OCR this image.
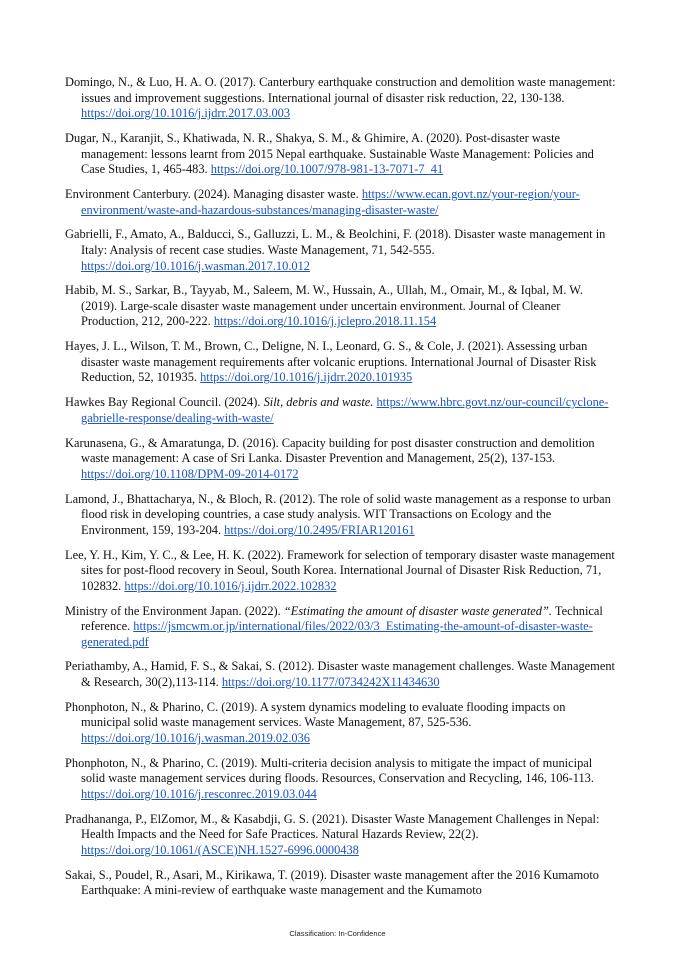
Domingo, N., & Luo, H. A. O. (2017). Canterbury earthquake construction and demolition waste management: issues and improvement suggestions. International journal of disaster risk reduction, 22, 130-138. https://doi.org/10.1016/j.ijdrr.2017.03.003

Dugar, N., Karanjit, S., Khatiwada, N. R., Shakya, S. M., & Ghimire, A. (2020). Post-disaster waste management: lessons learnt from 2015 Nepal earthquake. Sustainable Waste Management: Policies and Case Studies, 1, 465-483. https://doi.org/10.1007/978-981-13-7071-7_41

Environment Canterbury. (2024). Managing disaster waste. https://www.ecan.govt.nz/your-region/your-environment/waste-and-hazardous-substances/managing-disaster-waste/

Gabrielli, F., Amato, A., Balducci, S., Galluzzi, L. M., & Beolchini, F. (2018). Disaster waste management in Italy: Analysis of recent case studies. Waste Management, 71, 542-555. https://doi.org/10.1016/j.wasman.2017.10.012

Habib, M. S., Sarkar, B., Tayyab, M., Saleem, M. W., Hussain, A., Ullah, M., Omair, M., & Iqbal, M. W. (2019). Large-scale disaster waste management under uncertain environment. Journal of Cleaner Production, 212, 200-222. https://doi.org/10.1016/j.jclepro.2018.11.154

Hayes, J. L., Wilson, T. M., Brown, C., Deligne, N. I., Leonard, G. S., & Cole, J. (2021). Assessing urban disaster waste management requirements after volcanic eruptions. International Journal of Disaster Risk Reduction, 52, 101935. https://doi.org/10.1016/j.ijdrr.2020.101935

Hawkes Bay Regional Council. (2024). Silt, debris and waste. https://www.hbrc.govt.nz/our-council/cyclone-gabrielle-response/dealing-with-waste/

Karunasena, G., & Amaratunga, D. (2016). Capacity building for post disaster construction and demolition waste management: A case of Sri Lanka. Disaster Prevention and Management, 25(2), 137-153. https://doi.org/10.1108/DPM-09-2014-0172

Lamond, J., Bhattacharya, N., & Bloch, R. (2012). The role of solid waste management as a response to urban flood risk in developing countries, a case study analysis. WIT Transactions on Ecology and the Environment, 159, 193-204. https://doi.org/10.2495/FRIAR120161

Lee, Y. H., Kim, Y. C., & Lee, H. K. (2022). Framework for selection of temporary disaster waste management sites for post-flood recovery in Seoul, South Korea. International Journal of Disaster Risk Reduction, 71, 102832. https://doi.org/10.1016/j.ijdrr.2022.102832

Ministry of the Environment Japan. (2022). “Estimating the amount of disaster waste generated”. Technical reference. https://jsmcwm.or.jp/international/files/2022/03/3_Estimating-the-amount-of-disaster-waste-generated.pdf

Periathamby, A., Hamid, F. S., & Sakai, S. (2012). Disaster waste management challenges. Waste Management & Research, 30(2),113-114. https://doi.org/10.1177/0734242X11434630

Phonphoton, N., & Pharino, C. (2019). A system dynamics modeling to evaluate flooding impacts on municipal solid waste management services. Waste Management, 87, 525-536. https://doi.org/10.1016/j.wasman.2019.02.036

Phonphoton, N., & Pharino, C. (2019). Multi-criteria decision analysis to mitigate the impact of municipal solid waste management services during floods. Resources, Conservation and Recycling, 146, 106-113. https://doi.org/10.1016/j.resconrec.2019.03.044

Pradhananga, P., ElZomor, M., & Kasabdji, G. S. (2021). Disaster Waste Management Challenges in Nepal: Health Impacts and the Need for Safe Practices. Natural Hazards Review, 22(2). https://doi.org/10.1061/(ASCE)NH.1527-6996.0000438

Sakai, S., Poudel, R., Asari, M., Kirikawa, T. (2019). Disaster waste management after the 2016 Kumamoto Earthquake: A mini-review of earthquake waste management and the Kumamoto

Classification: In-Confidence
